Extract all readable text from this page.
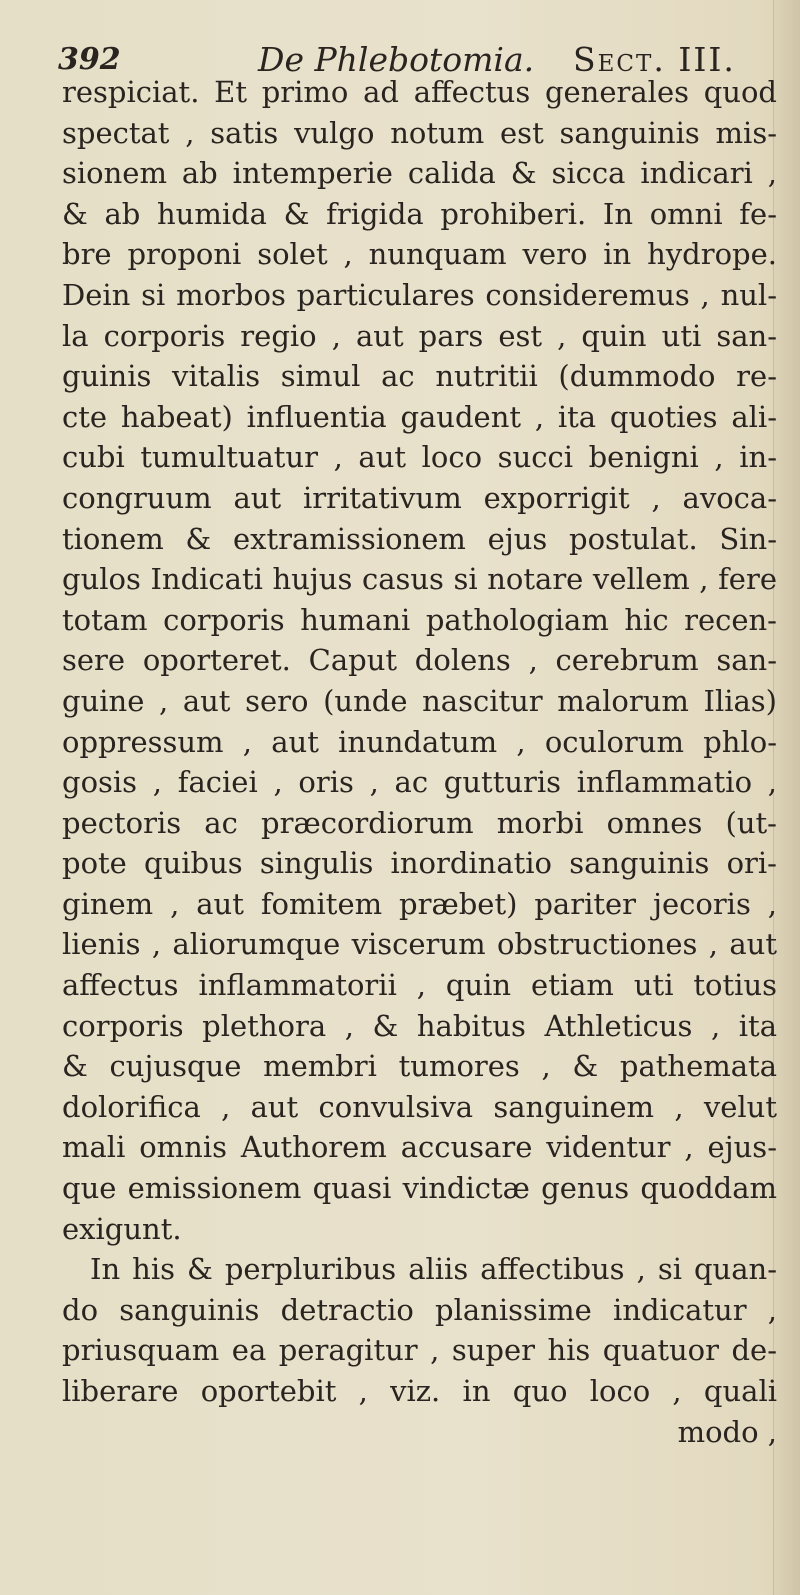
392	De Phlebotomia. Sect. III.
respiciat. Et primo ad affectus generales quod
spectat , satis vulgo notum est sanguinis mis-
sionem ab intemperie calida & sicca indicari ,
& ab humida & frigida prohiberi. In omni fe-
bre proponi solet , nunquam vero in hydrope.
Dein si morbos particulares consideremus , nul-
la corporis regio , aut pars est , quin uti san-
guinis vitalis simul ac nutritii (dummodo re-
cte habeat) influentia gaudent , ita quoties ali-
cubi tumultuatur , aut loco succi benigni , in-
congruum aut irritativum exporrigit , avoca-
tionem & extramissionem ejus postulat. Sin-
gulos Indicati hujus casus si notare vellem , fere
totam corporis humani pathologiam hic recen-
sere oporteret. Caput dolens , cerebrum san-
guine , aut sero (unde nascitur malorum Ilias)
oppressum , aut inundatum , oculorum phlo-
gosis , faciei , oris , ac gutturis inflammatio ,
pectoris ac præcordiorum morbi omnes (ut-
pote quibus singulis inordinatio sanguinis ori-
ginem , aut fomitem præbet) pariter jecoris ,
lienis , aliorumque viscerum obstructiones , aut
affectus inflammatorii , quin etiam uti totius
corporis plethora , & habitus Athleticus , ita
& cujusque membri tumores , & pathemata
dolorifica , aut convulsiva sanguinem , velut
mali omnis Authorem accusare videntur , ejus-
que emissionem quasi vindictæ genus quoddam
exigunt.
In his & perpluribus aliis affectibus , si quan-
do sanguinis detractio planissime indicatur ,
priusquam ea peragitur , super his quatuor de-
liberare oportebit , viz. in quo loco , quali
modo ,
